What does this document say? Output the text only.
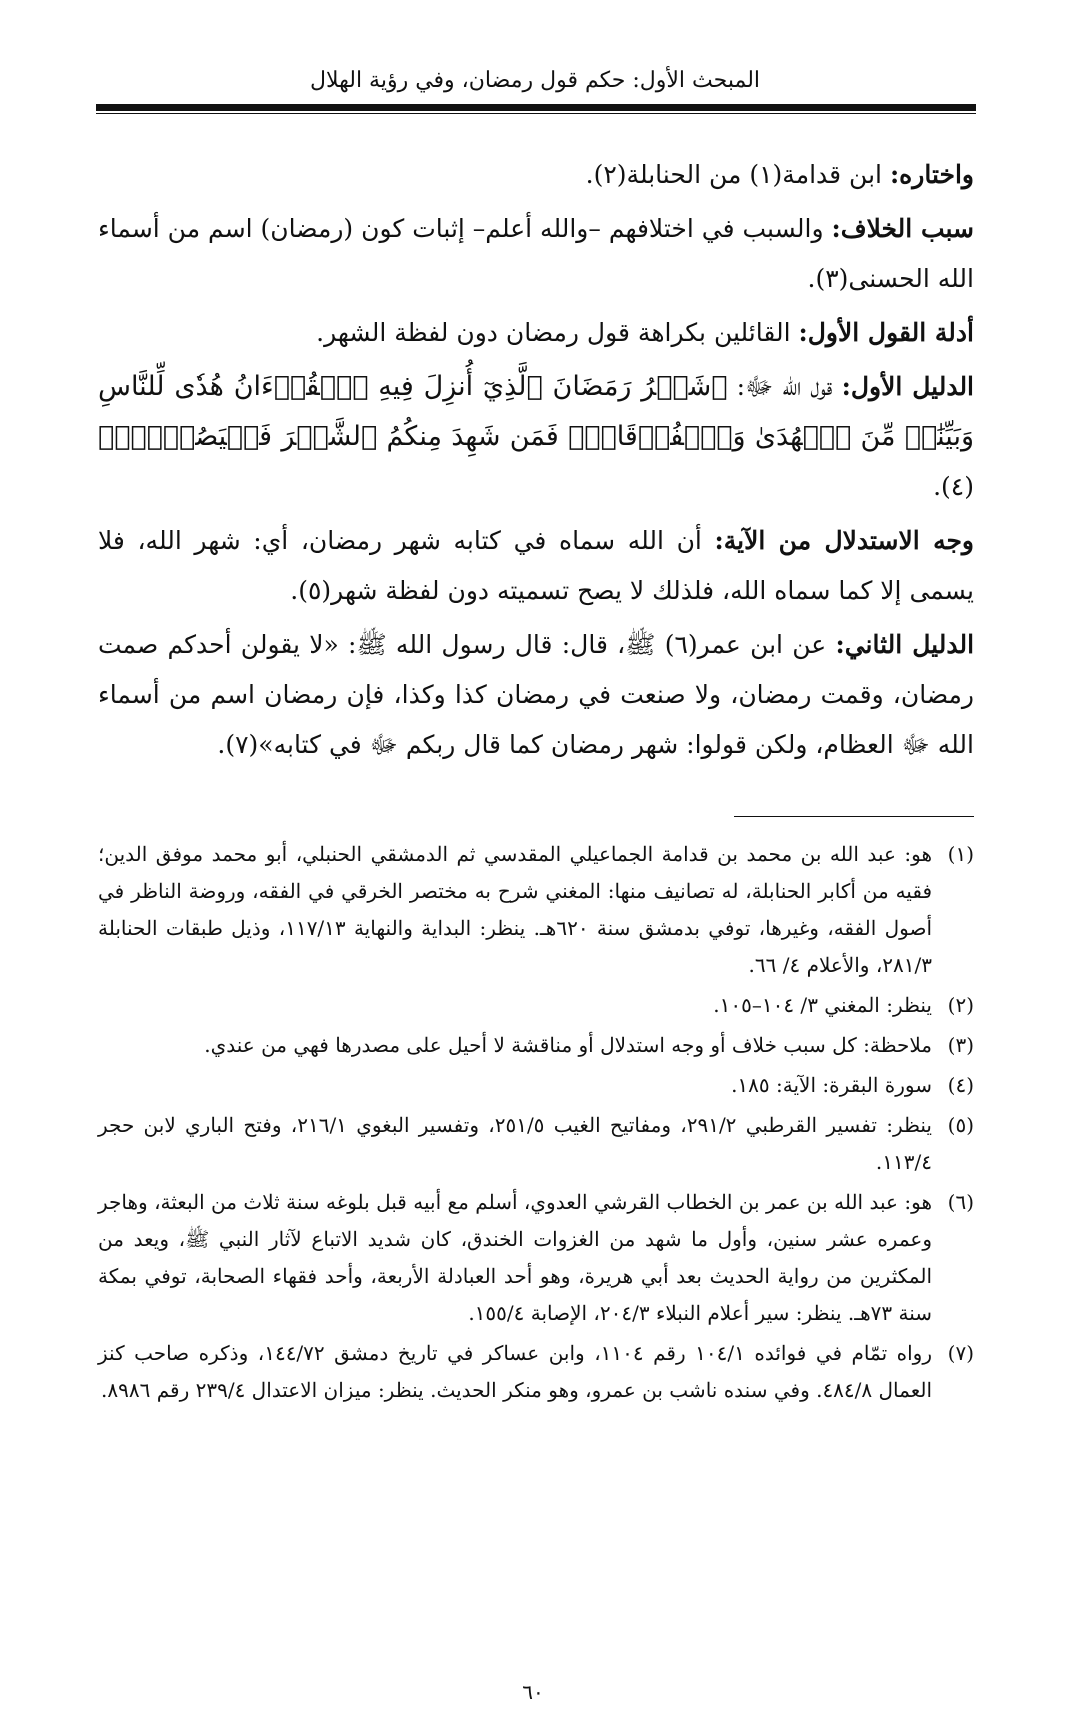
المبحث الأول: حكم قول رمضان، وفي رؤية الهلال

واختاره: ابن قدامة(١) من الحنابلة(٢).

سبب الخلاف: والسبب في اختلافهم –والله أعلم– إثبات كون (رمضان) اسم من أسماء الله الحسنى(٣).

أدلة القول الأول: القائلين بكراهة قول رمضان دون لفظة الشهر.

الدليل الأول: قول الله ﷻ: ﴿شَهۡرُ رَمَضَانَ ٱلَّذِيٓ أُنزِلَ فِيهِ ٱلۡقُرۡءَانُ هُدٗى لِّلنَّاسِ وَبَيِّنَٰتٖ مِّنَ ٱلۡهُدَىٰ وَٱلۡفُرۡقَانِۚ فَمَن شَهِدَ مِنكُمُ ٱلشَّهۡرَ فَلۡيَصُمۡهُۖ﴾(٤).

وجه الاستدلال من الآية: أن الله سماه في كتابه شهر رمضان، أي: شهر الله، فلا يسمى إلا كما سماه الله، فلذلك لا يصح تسميته دون لفظة شهر(٥).

الدليل الثاني: عن ابن عمر(٦) ﷺ، قال: قال رسول الله ﷺ: «لا يقولن أحدكم صمت رمضان، وقمت رمضان، ولا صنعت في رمضان كذا وكذا، فإن رمضان اسم من أسماء الله ﷻ العظام، ولكن قولوا: شهر رمضان كما قال ربكم ﷻ في كتابه»(٧).

(١)هو: عبد الله بن محمد بن قدامة الجماعيلي المقدسي ثم الدمشقي الحنبلي، أبو محمد موفق الدين؛ فقيه من أكابر الحنابلة، له تصانيف منها: المغني شرح به مختصر الخرقي في الفقه، وروضة الناظر في أصول الفقه، وغيرها، توفي بدمشق سنة ٦٢٠هـ. ينظر: البداية والنهاية ١١٧/١٣، وذيل طبقات الحنابلة ٢٨١/٣، والأعلام ٤/ ٦٦.

(٢)ينظر: المغني ٣/ ١٠٤–١٠٥.

(٣)ملاحظة: كل سبب خلاف أو وجه استدلال أو مناقشة لا أحيل على مصدرها فهي من عندي.

(٤)سورة البقرة: الآية: ١٨٥.

(٥)ينظر: تفسير القرطبي ٢٩١/٢، ومفاتيح الغيب ٢٥١/٥، وتفسير البغوي ٢١٦/١، وفتح الباري لابن حجر ١١٣/٤.

(٦)هو: عبد الله بن عمر بن الخطاب القرشي العدوي، أسلم مع أبيه قبل بلوغه سنة ثلاث من البعثة، وهاجر وعمره عشر سنين، وأول ما شهد من الغزوات الخندق، كان شديد الاتباع لآثار النبي ﷺ، ويعد من المكثرين من رواية الحديث بعد أبي هريرة، وهو أحد العبادلة الأربعة، وأحد فقهاء الصحابة، توفي بمكة سنة ٧٣هـ. ينظر: سير أعلام النبلاء ٢٠٤/٣، الإصابة ١٥٥/٤.

(٧)رواه تمّام في فوائده ١٠٤/١ رقم ١١٠٤، وابن عساكر في تاريخ دمشق ١٤٤/٧٢، وذكره صاحب كنز العمال ٤٨٤/٨. وفي سنده ناشب بن عمرو، وهو منكر الحديث. ينظر: ميزان الاعتدال ٢٣٩/٤ رقم ٨٩٨٦.

٦٠
